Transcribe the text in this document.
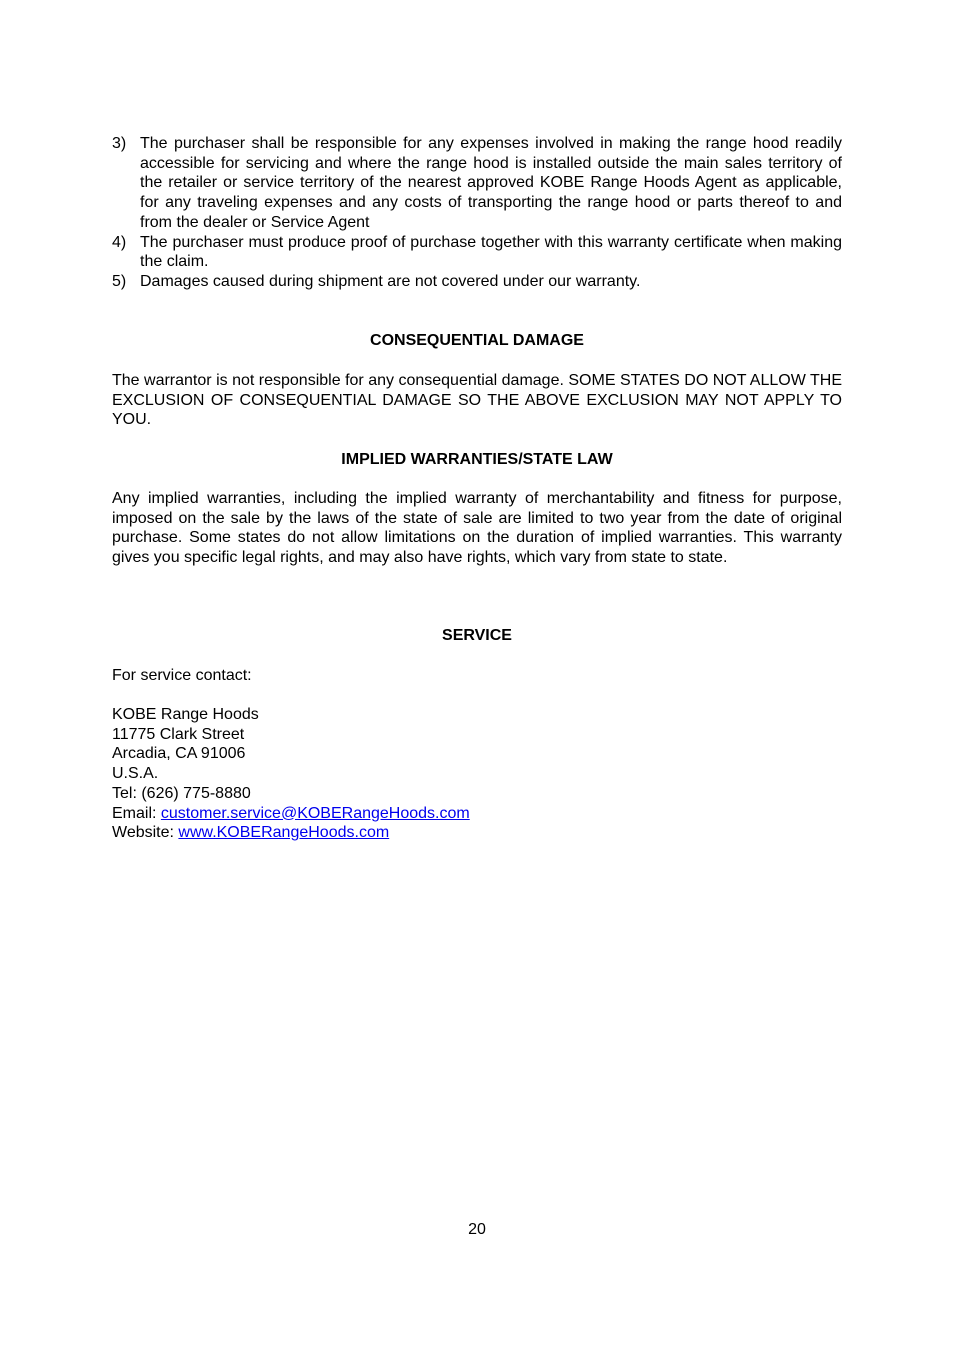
3) The purchaser shall be responsible for any expenses involved in making the range hood readily accessible for servicing and where the range hood is installed outside the main sales territory of the retailer or service territory of the nearest approved KOBE Range Hoods Agent as applicable, for any traveling expenses and any costs of transporting the range hood or parts thereof to and from the dealer or Service Agent
4) The purchaser must produce proof of purchase together with this warranty certificate when making the claim.
5) Damages caused during shipment are not covered under our warranty.
CONSEQUENTIAL DAMAGE
The warrantor is not responsible for any consequential damage. SOME STATES DO NOT ALLOW THE EXCLUSION OF CONSEQUENTIAL DAMAGE SO THE ABOVE EXCLUSION MAY NOT APPLY TO YOU.
IMPLIED WARRANTIES/STATE LAW
Any implied warranties, including the implied warranty of merchantability and fitness for purpose, imposed on the sale by the laws of the state of sale are limited to two year from the date of original purchase. Some states do not allow limitations on the duration of implied warranties. This warranty gives you specific legal rights, and may also have rights, which vary from state to state.
SERVICE
For service contact:
KOBE Range Hoods
11775 Clark Street
Arcadia, CA 91006
U.S.A.
Tel: (626) 775-8880
Email: customer.service@KOBERangeHoods.com
Website: www.KOBERangeHoods.com
20
